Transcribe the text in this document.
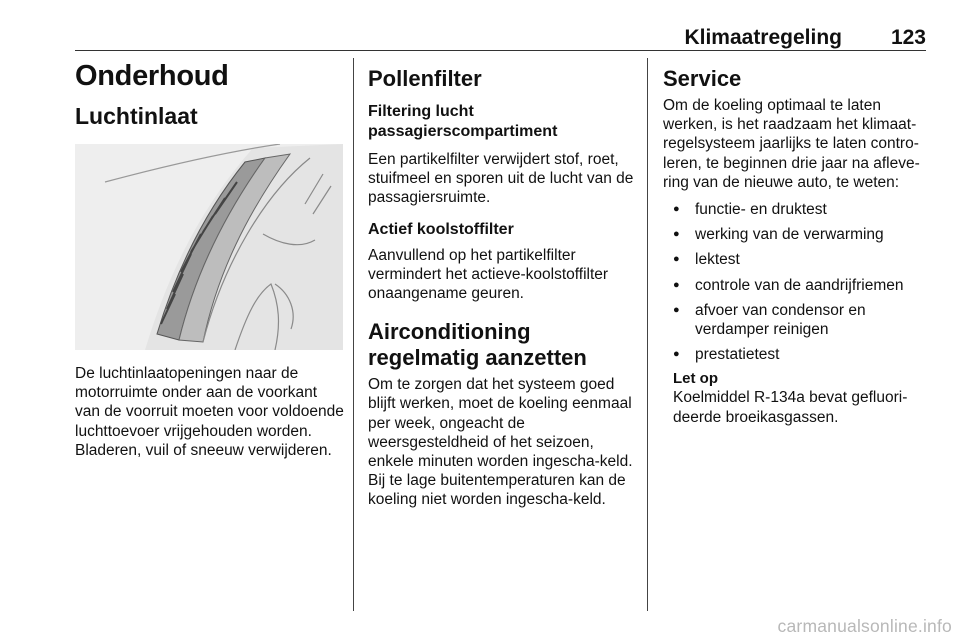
Klimaatregeling	123
Onderhoud
Luchtinlaat

De luchtinlaatopeningen naar de motorruimte onder aan de voorkant van de voorruit moeten voor voldoende luchttoevoer vrijgehouden worden. Bladeren, vuil of sneeuw verwijderen.

Pollenfilter
Filtering lucht passagierscompartiment

Een partikelfilter verwijdert stof, roet, stuifmeel en sporen uit de lucht van de passagiersruimte.

Actief koolstoffilter

Aanvullend op het partikelfilter vermindert het actieve-koolstoffilter onaangename geuren.

Airconditioning regelmatig aanzetten

Om te zorgen dat het systeem goed blijft werken, moet de koeling eenmaal per week, ongeacht de weersgesteldheid of het seizoen, enkele minuten worden ingescha-keld. Bij te lage buitentemperaturen kan de koeling niet worden ingescha-keld.

Service

Om de koeling optimaal te laten werken, is het raadzaam het klimaat-regelsysteem jaarlijks te laten contro-leren, te beginnen drie jaar na afleve-ring van de nieuwe auto, te weten:

● functie- en druktest
● werking van de verwarming
● lektest
● controle van de aandrijfriemen
● afvoer van condensor en verdamper reinigen
● prestatietest
Let op
Koelmiddel R-134a bevat gefluori-deerde broeikasgassen.
carmanualsonline.info
